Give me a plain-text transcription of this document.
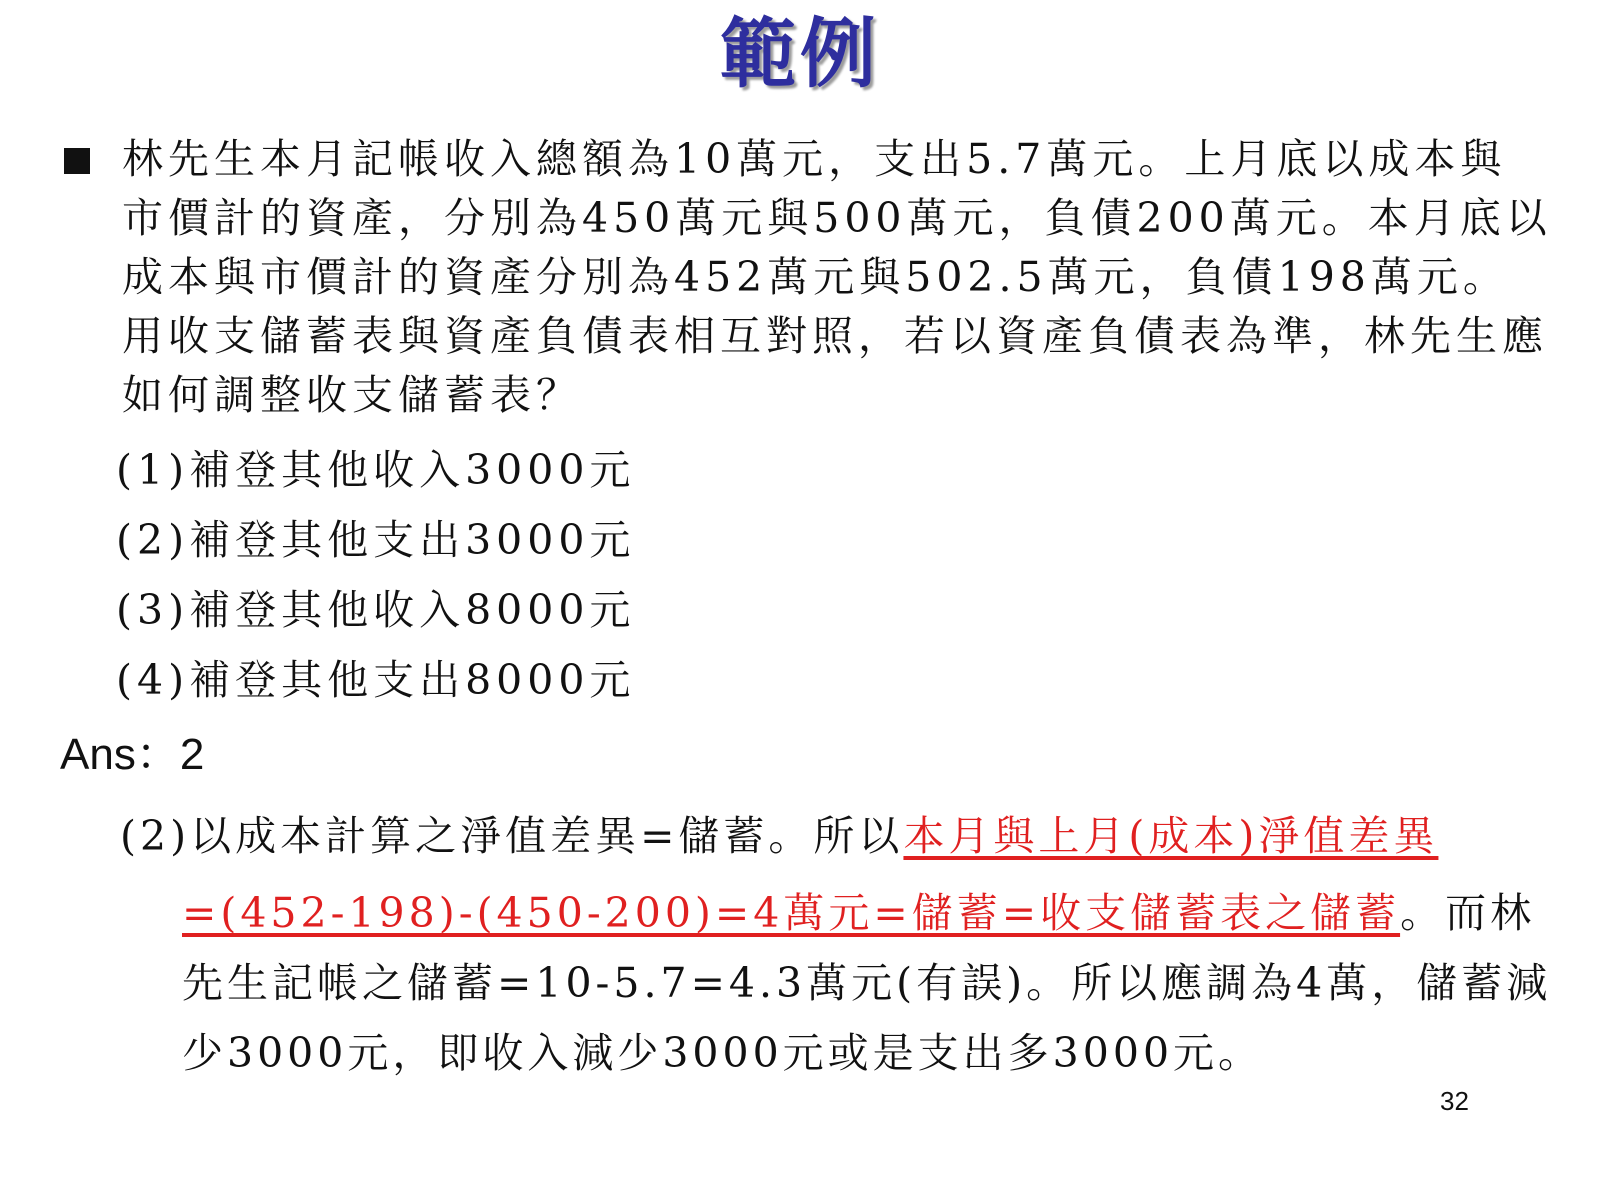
範例
林先生本月記帳收入總額為10萬元，支出5.7萬元。上月底以成本與市價計的資產，分別為450萬元與500萬元，負債200萬元。本月底以成本與市價計的資產分別為452萬元與502.5萬元，負債198萬元。用收支儲蓄表與資產負債表相互對照，若以資產負債表為準，林先生應如何調整收支儲蓄表？
(1)補登其他收入3000元
(2)補登其他支出3000元
(3)補登其他收入8000元
(4)補登其他支出8000元
Ans：2
(2)以成本計算之淨值差異=儲蓄。所以本月與上月(成本)淨值差異
=(452-198)-(450-200)=4萬元=儲蓄=收支儲蓄表之儲蓄。而林先生記帳之儲蓄=10-5.7=4.3萬元(有誤)。所以應調為4萬，儲蓄減少3000元，即收入減少3000元或是支出多3000元。
32
